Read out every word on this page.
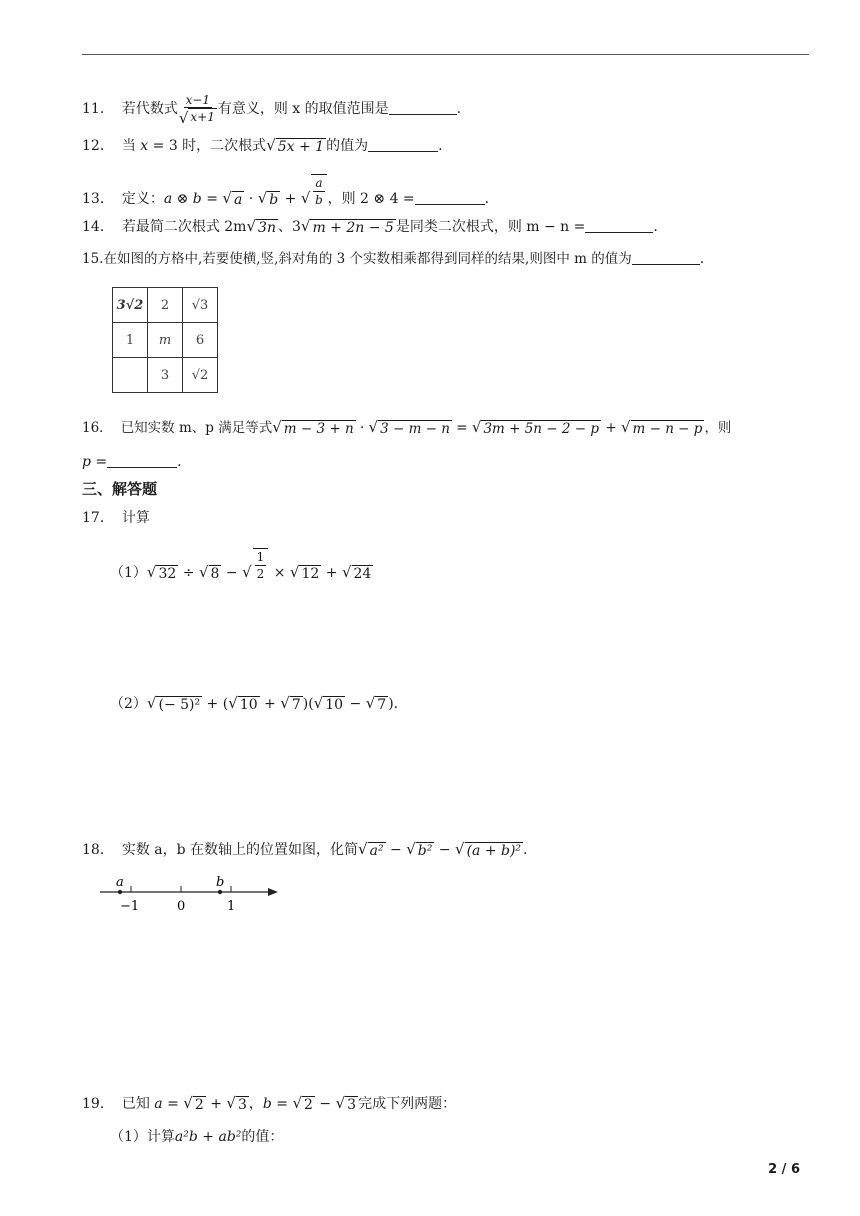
11． 若代数式 $\frac{x-1}{√ x+1}$ 有意义，则 x 的取值范围是	.
12． 当 x = 3 时，二次根式 √ 5x + 1 的值为	.
13． 定义：a ⊗ b = √ a · √ b + √ $\frac{a}{b}$ ，则 2 ⊗ 4 =	.
14． 若最简二次根式 2m √ 3n 、3 √ m + 2n − 5 是同类二次根式，则 m − n =	.
15.在如图的方格中,若要使横,竖,斜对角的 3 个实数相乘都得到同样的结果,则图中 m 的值为	.
3√2	2	√3
1	m	6
	3	√2
16． 已知实数 m、p 满足等式 √ m − 3 + n · √ 3 − m − n = √ 3m + 5n − 2 − p + √ m − n − p ，则
p =	.
三、解答题
17． 计算
（1） √ 32 ÷ √ 8 − √ $\frac{1}{2}$ × √ 12 + √ 24
（2） √ (− 5)² + ( √ 10 + √ 7 )( √ 10 − √ 7 ).
18． 实数 a，b 在数轴上的位置如图，化简 √ a² − √ b² − √ (a + b)² .
a	b
−1	0	1
19． 已知 a = √ 2 + √ 3 ，b = √ 2 − √ 3 完成下列两题：
（1）计算a²b + ab²的值：
2 / 6
